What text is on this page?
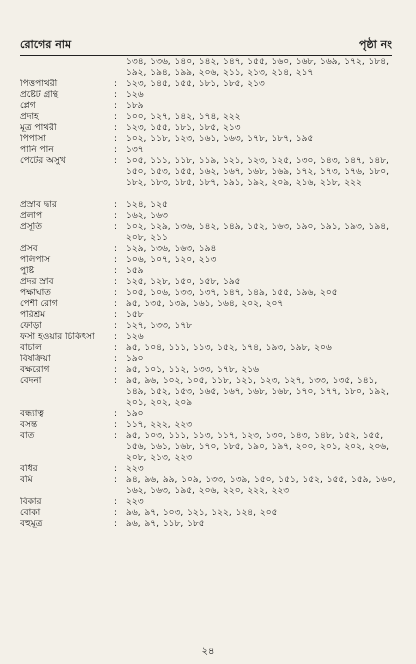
রোগের নাম	পৃষ্ঠা নং
১৩৪, ১৩৬, ১৪০, ১৪২, ১৪৭, ১৫৫, ১৬০, ১৬৮, ১৬৯, ১৭২, ১৮৪, ১৯২, ১৯৪, ১৯৯, ২০৬, ২১১, ২১৩, ২১৪, ২১৭
পিত্তপাথরী	: ১২৩, ১৪৫, ১৫৫, ১৮১, ১৮৫, ২১৩
প্রষ্টেট গ্রন্থি	: ১২৬
প্লেগ	: ১৮৯
প্রদাহ	: ১০০, ১২৭, ১৪২, ১৭৪, ২২২
মূত্র পাথরী	: ১২৩, ১৫৫, ১৮১, ১৮৫, ২১৩
পিপাসা	: ১০২, ১১৮, ১২৩, ১৬১, ১৬৩, ১৭৮, ১৮৭, ১৯৫
পানি পান	: ১৩৭
পেটের অসুখ	: ১০৫, ১১১, ১১৮, ১১৯, ১২১, ১২৩, ১২৫, ১৩০, ১৪৩, ১৪৭, ১৪৮, ১৫০, ১৫৩, ১৫৫, ১৬২, ১৬৭, ১৬৮, ১৬৯, ১৭২, ১৭৩, ১৭৬, ১৮০, ১৮২, ১৮৩, ১৮৫, ১৮৭, ১৯১, ১৯২, ২০৯, ২১৬, ২১৮, ২২২
প্রস্রাব দ্বার	: ১২৪, ১২৫
প্রলাপ	: ১৬২, ১৬৩
প্রসূতি	: ১০২, ১২৯, ১৩৬, ১৪২, ১৪৯, ১৫২, ১৬৩, ১৯০, ১৯১, ১৯৩, ১৯৪, ২০৮, ২১১
প্রসব	: ১২৯, ১৩৬, ১৬৩, ১৯৪
পলিপাস	: ১০৬, ১০৭, ১২০, ২১৩
পুষ্টি	: ১৫৯
প্রদর স্রাব	: ১২৫, ১২৮, ১৫০, ১৫৮, ১৯৫
পক্ষাঘাত	: ১০৫, ১০৬, ১৩৩, ১৩৭, ১৪৭, ১৪৯, ১৫৫, ১৯৬, ২০৫
পেশী রোগ	: ৯৫, ১৩৫, ১৩৯, ১৬১, ১৬৪, ২০২, ২০৭
পরিশ্রম	: ১৫৮
ফোড়া	: ১২৭, ১৩৩, ১৭৮
ফর্সা হওয়ার চিকিৎসা	: ১২৬
বাচাল	: ৯৫, ১০৪, ১১১, ১১৩, ১৫২, ১৭৪, ১৯৩, ১৯৮, ২০৬
বিষক্রিয়া	: ১৯০
বক্ষরোগ	: ৯৫, ১০১, ১১২, ১৩৩, ১৭৮, ২১৬
বেদনা	: ৯৫, ৯৬, ১০২, ১০৫, ১১৮, ১২১, ১২৩, ১২৭, ১৩৩, ১৩৫, ১৪১, ১৪৯, ১৫২, ১৫৩, ১৬৫, ১৬৭, ১৬৮, ১৬৮, ১৭০, ১৭৭, ১৮০, ১৯২, ২০১, ২০২, ২০৯
বন্ধ্যাত্ব	: ১৯০
বসন্ত	: ১১৭, ২২২, ২২৩
বাত	: ৯৫, ১০৩, ১১১, ১১৩, ১১৭, ১২৩, ১৩০, ১৪৩, ১৪৮, ১৫২, ১৫৫, ১৫৬, ১৬১, ১৬৮, ১৭০, ১৮৫, ১৯০, ১৯৭, ২০০, ২০১, ২০২, ২০৬, ২০৮, ২১৩, ২২৩
বধির	: ২২৩
বমি	: ৯৪, ৯৬, ৯৯, ১০৯, ১৩৩, ১৩৯, ১৫০, ১৫১, ১৫২, ১৫৫, ১৫৯, ১৬০, ১৬২, ১৬৩, ১৯৫, ২০৬, ২২০, ২২২, ২২৩
বিকার	: ২২৩
বোকা	: ৯৬, ৯৭, ১০৩, ১২১, ১২২, ১২৪, ২০৫
বহুমূত্র	: ৯৬, ৯৭, ১১৮, ১৮৫
২৪
